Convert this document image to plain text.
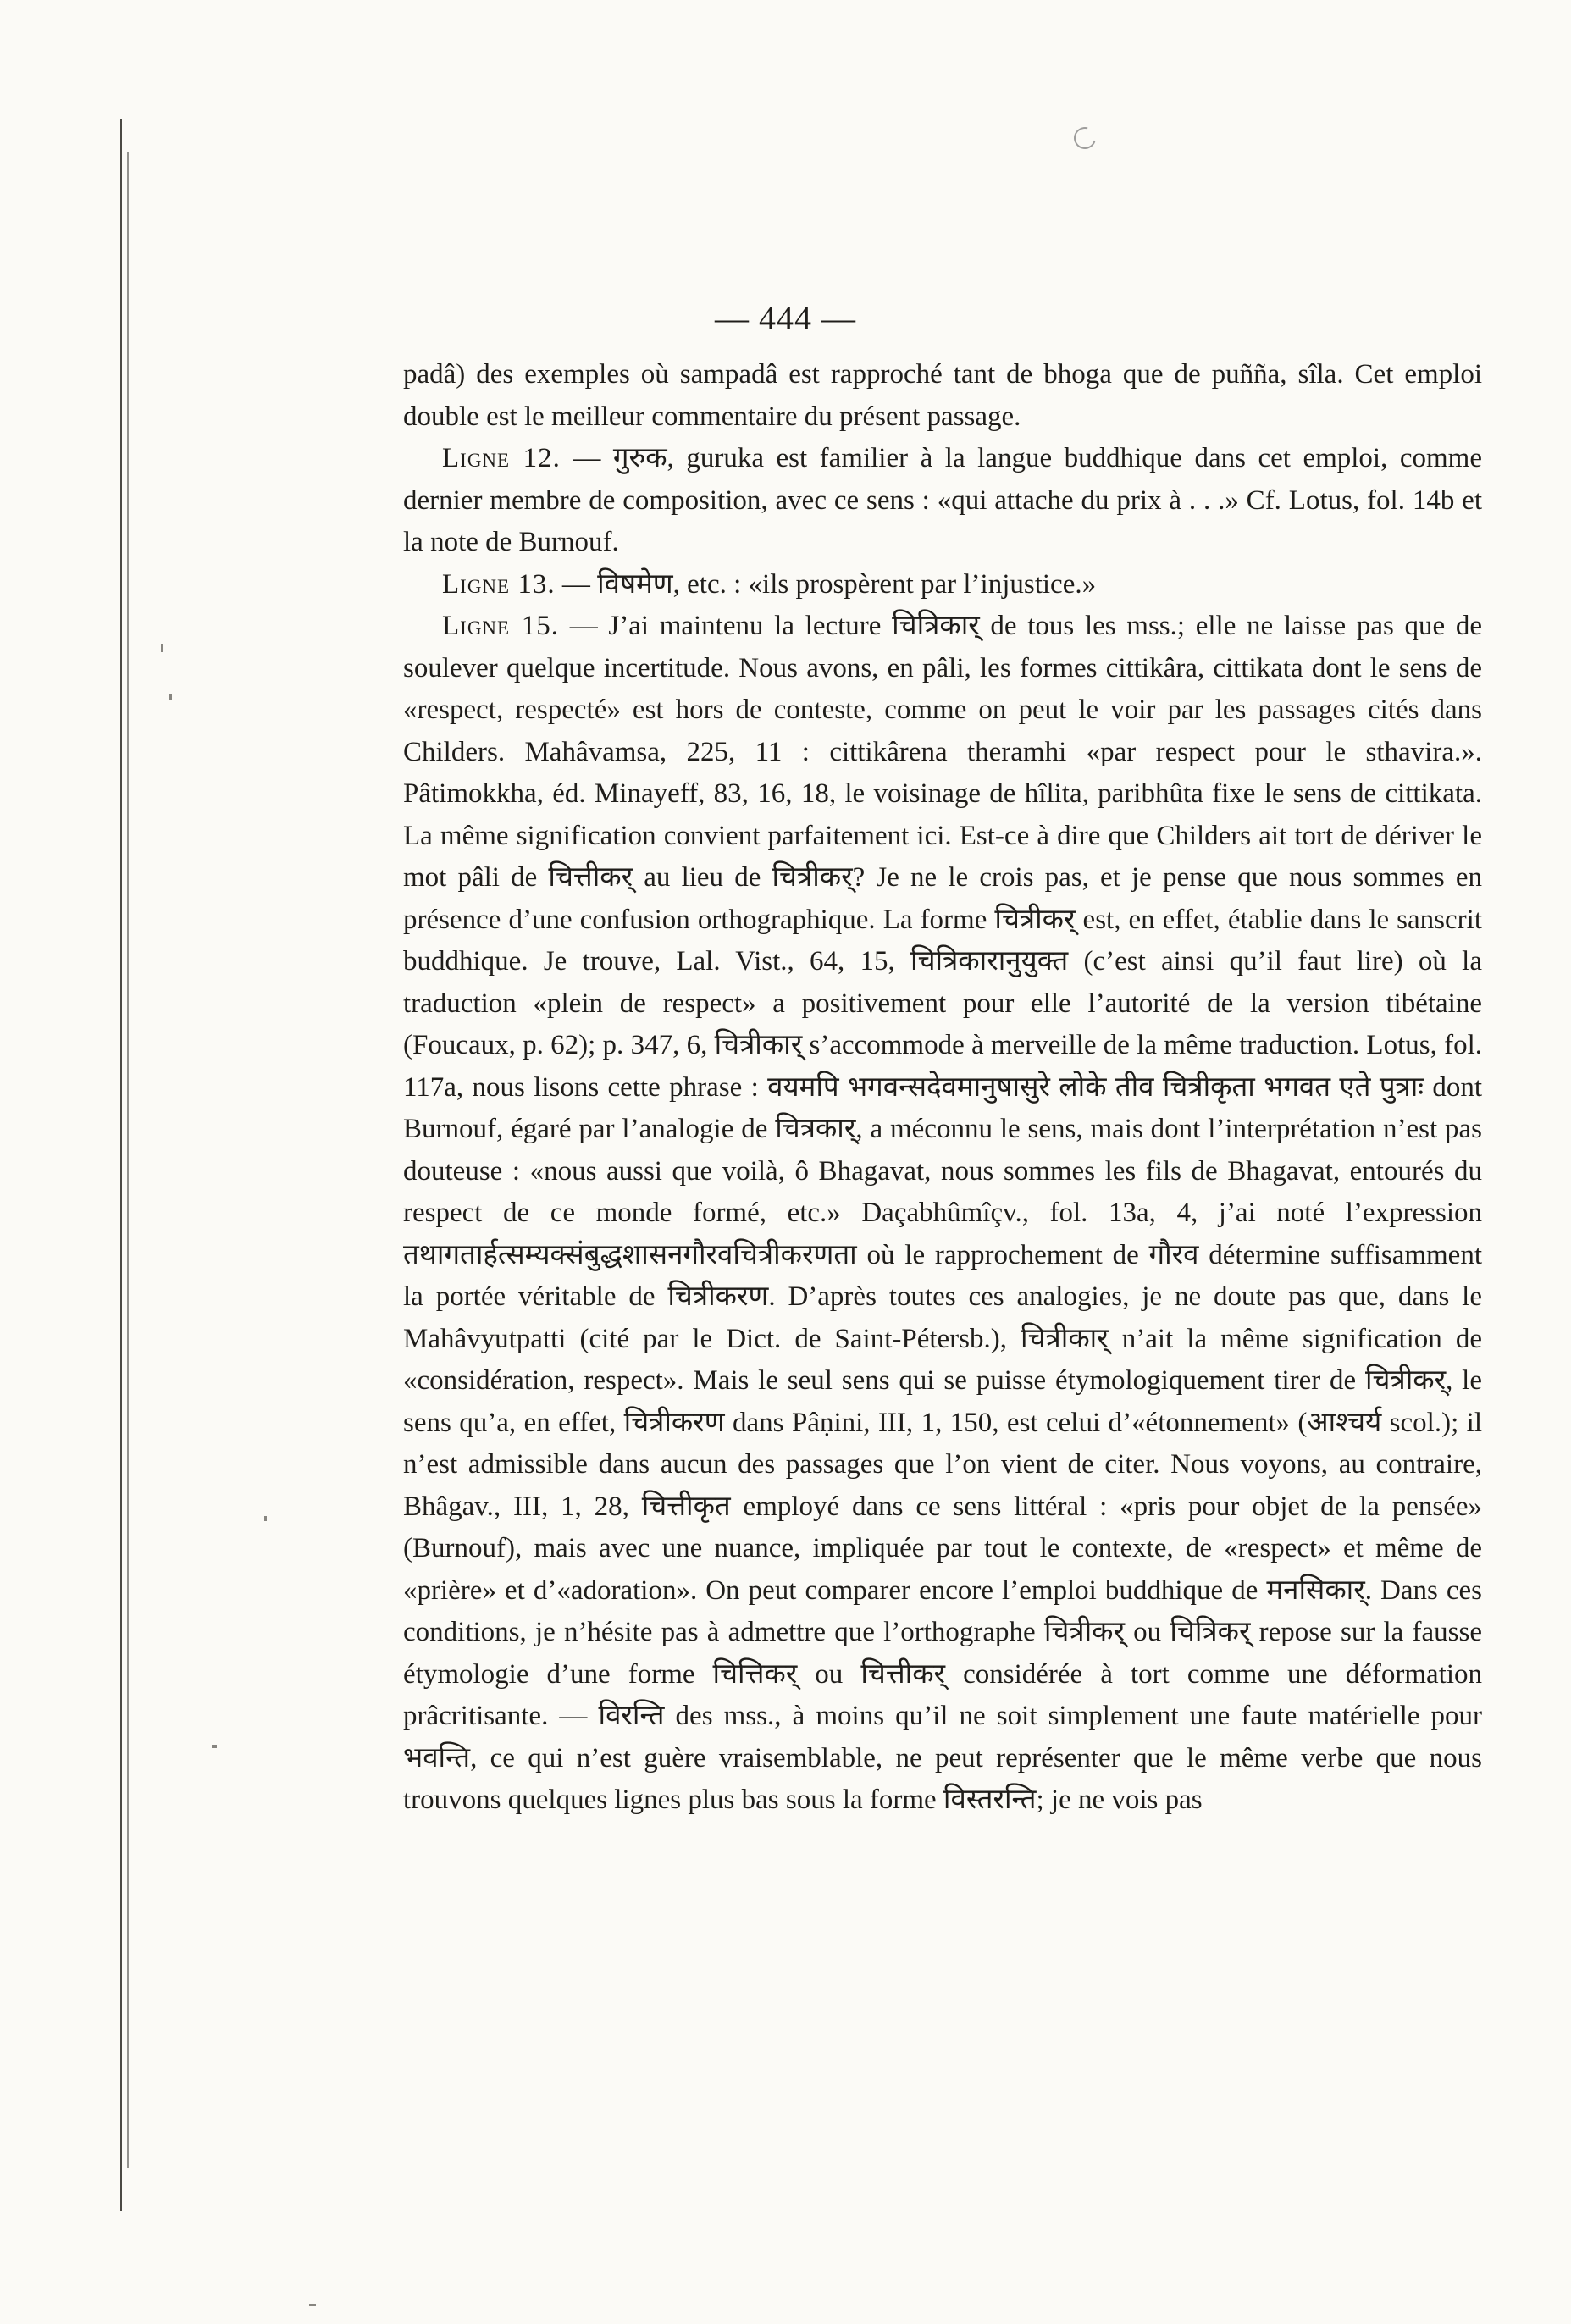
— 444 —

padâ) des exemples où sampadâ est rapproché tant de bhoga que de puñña, sîla. Cet emploi double est le meilleur commentaire du présent passage.

Ligne 12. — गुरुक, guruka est familier à la langue buddhique dans cet emploi, comme dernier membre de composition, avec ce sens : «qui attache du prix à . . .» Cf. Lotus, fol. 14b et la note de Burnouf.

Ligne 13. — विषमेण, etc. : «ils prospèrent par l’injustice.»

Ligne 15. — J’ai maintenu la lecture चित्रिकार् de tous les mss.; elle ne laisse pas que de soulever quelque incertitude. Nous avons, en pâli, les formes cittikâra, cittikata dont le sens de «respect, respecté» est hors de conteste, comme on peut le voir par les passages cités dans Childers. Mahâvamsa, 225, 11 : cittikârena theramhi «par respect pour le sthavira.». Pâtimokkha, éd. Minayeff, 83, 16, 18, le voisinage de hîlita, paribhûta fixe le sens de cittikata. La même signification convient parfaitement ici. Est-ce à dire que Childers ait tort de dériver le mot pâli de चित्तीकर् au lieu de चित्रीकर्? Je ne le crois pas, et je pense que nous sommes en présence d’une confusion orthographique. La forme चित्रीकर् est, en effet, établie dans le sanscrit buddhique. Je trouve, Lal. Vist., 64, 15, चित्रिकारानुयुक्त (c’est ainsi qu’il faut lire) où la traduction «plein de respect» a positivement pour elle l’autorité de la version tibétaine (Foucaux, p. 62); p. 347, 6, चित्रीकार् s’accommode à merveille de la même traduction. Lotus, fol. 117a, nous lisons cette phrase : वयमपि भगवन्सदेवमानुषासुरे लोके तीव चित्रीकृता भगवत एते पुत्राः dont Burnouf, égaré par l’analogie de चित्रकार्, a méconnu le sens, mais dont l’interprétation n’est pas douteuse : «nous aussi que voilà, ô Bhagavat, nous sommes les fils de Bhagavat, entourés du respect de ce monde formé, etc.» Daçabhûmîçv., fol. 13a, 4, j’ai noté l’expression तथागतार्हत्सम्यक्संबुद्धशासनगौरवचित्रीकरणता où le rapprochement de गौरव détermine suffisamment la portée véritable de चित्रीकरण. D’après toutes ces analogies, je ne doute pas que, dans le Mahâvyutpatti (cité par le Dict. de Saint-Pétersb.), चित्रीकार् n’ait la même signification de «considération, respect». Mais le seul sens qui se puisse étymologiquement tirer de चित्रीकर्, le sens qu’a, en effet, चित्रीकरण dans Pâṇini, III, 1, 150, est celui d’«étonnement» (आश्चर्य scol.); il n’est admissible dans aucun des passages que l’on vient de citer. Nous voyons, au contraire, Bhâgav., III, 1, 28, चित्तीकृत employé dans ce sens littéral : «pris pour objet de la pensée» (Burnouf), mais avec une nuance, impliquée par tout le contexte, de «respect» et même de «prière» et d’«adoration». On peut comparer encore l’emploi buddhique de मनसिकार्. Dans ces conditions, je n’hésite pas à admettre que l’orthographe चित्रीकर् ou चित्रिकर् repose sur la fausse étymologie d’une forme चित्तिकर् ou चित्तीकर् considérée à tort comme une déformation prâcritisante. — विरन्ति des mss., à moins qu’il ne soit simplement une faute matérielle pour भवन्ति, ce qui n’est guère vraisemblable, ne peut représenter que le même verbe que nous trouvons quelques lignes plus bas sous la forme विस्तरन्ति; je ne vois pas
